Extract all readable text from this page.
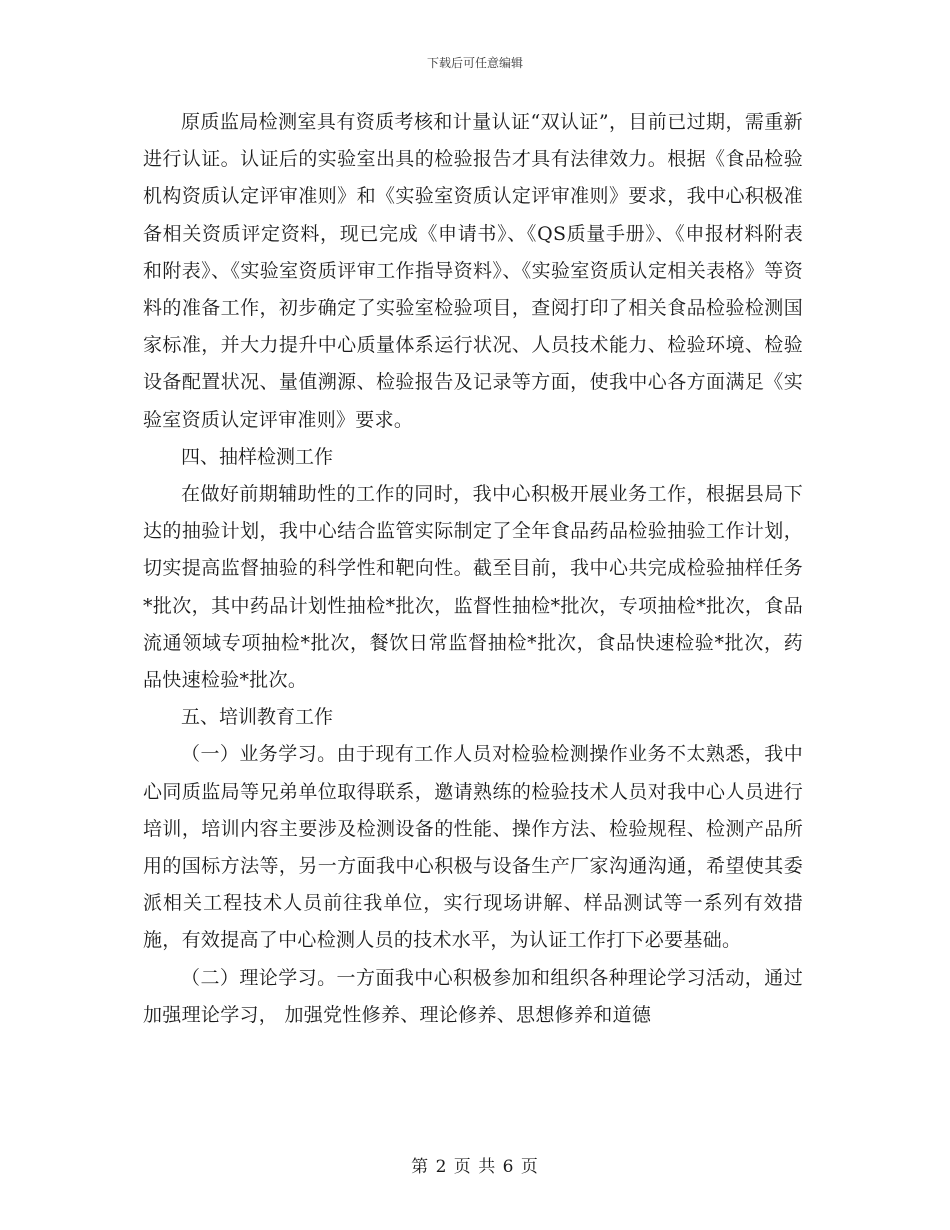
下载后可任意编辑

原质监局检测室具有资质考核和计量认证“双认证”，目前已过期，需重新进行认证。认证后的实验室出具的检验报告才具有法律效力。根据《食品检验机构资质认定评审准则》和《实验室资质认定评审准则》要求，我中心积极准备相关资质评定资料，现已完成《申请书》、《QS质量手册》、《申报材料附表和附表》、《实验室资质评审工作指导资料》、《实验室资质认定相关表格》等资料的准备工作，初步确定了实验室检验项目，查阅打印了相关食品检验检测国家标准，并大力提升中心质量体系运行状况、人员技术能力、检验环境、检验设备配置状况、量值溯源、检验报告及记录等方面，使我中心各方面满足《实验室资质认定评审准则》要求。

四、抽样检测工作

在做好前期辅助性的工作的同时，我中心积极开展业务工作，根据县局下达的抽验计划，我中心结合监管实际制定了全年食品药品检验抽验工作计划，切实提高监督抽验的科学性和靶向性。截至目前，我中心共完成检验抽样任务*批次，其中药品计划性抽检*批次，监督性抽检*批次，专项抽检*批次，食品流通领域专项抽检*批次，餐饮日常监督抽检*批次，食品快速检验*批次，药品快速检验*批次。

五、培训教育工作

（一）业务学习。由于现有工作人员对检验检测操作业务不太熟悉，我中心同质监局等兄弟单位取得联系，邀请熟练的检验技术人员对我中心人员进行培训，培训内容主要涉及检测设备的性能、操作方法、检验规程、检测产品所用的国标方法等，另一方面我中心积极与设备生产厂家沟通沟通，希望使其委派相关工程技术人员前往我单位，实行现场讲解、样品测试等一系列有效措施，有效提高了中心检测人员的技术水平，为认证工作打下必要基础。

（二）理论学习。一方面我中心积极参加和组织各种理论学习活动，通过加强理论学习， 加强党性修养、理论修养、思想修养和道德

第 2 页 共 6 页
